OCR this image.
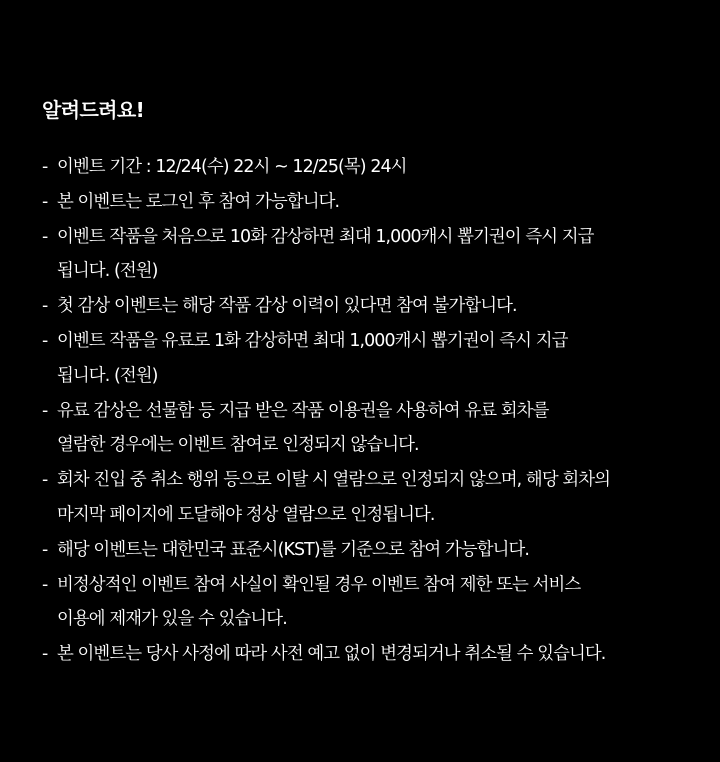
알려드려요!
- 이벤트 기간 : 12/24(수) 22시 ~ 12/25(목) 24시
- 본 이벤트는 로그인 후 참여 가능합니다.
- 이벤트 작품을 처음으로 10화 감상하면 최대 1,000캐시 뽑기권이 즉시 지급
됩니다. (전원)
- 첫 감상 이벤트는 해당 작품 감상 이력이 있다면 참여 불가합니다.
- 이벤트 작품을 유료로 1화 감상하면 최대 1,000캐시 뽑기권이 즉시 지급
됩니다. (전원)
- 유료 감상은 선물함 등 지급 받은 작품 이용권을 사용하여 유료 회차를
열람한 경우에는 이벤트 참여로 인정되지 않습니다.
- 회차 진입 중 취소 행위 등으로 이탈 시 열람으로 인정되지 않으며, 해당 회차의
마지막 페이지에 도달해야 정상 열람으로 인정됩니다.
- 해당 이벤트는 대한민국 표준시(KST)를 기준으로 참여 가능합니다.
- 비정상적인 이벤트 참여 사실이 확인될 경우 이벤트 참여 제한 또는 서비스
이용에 제재가 있을 수 있습니다.
- 본 이벤트는 당사 사정에 따라 사전 예고 없이 변경되거나 취소될 수 있습니다.
